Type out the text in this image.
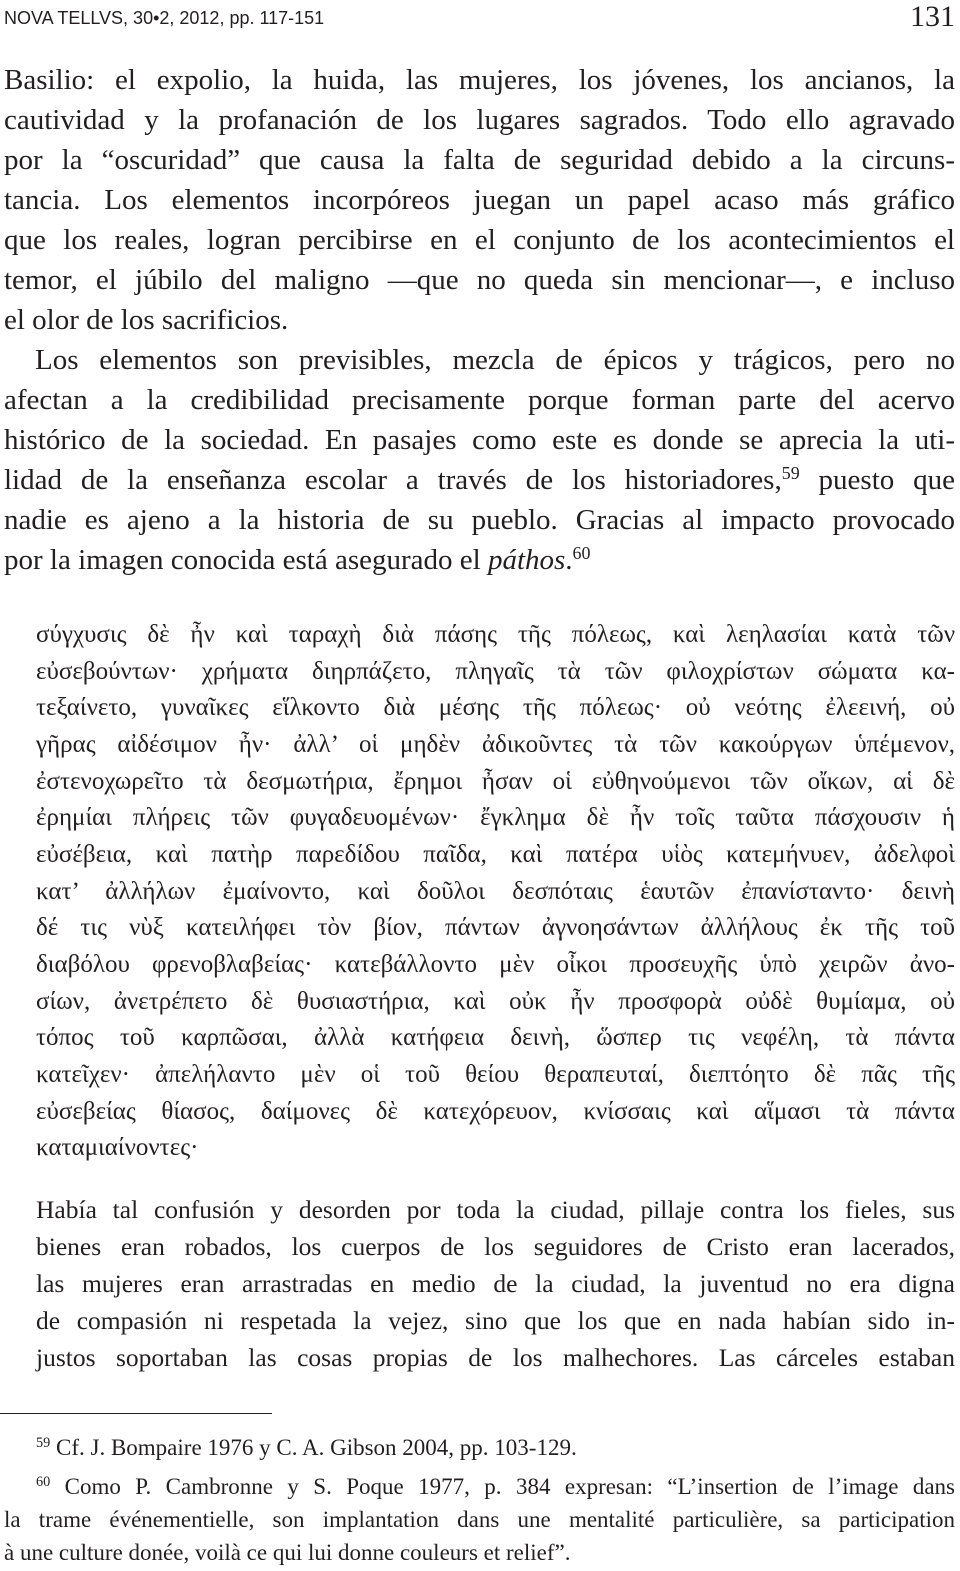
NOVA TELLVS, 30•2, 2012, pp. 117-151	131
Basilio: el expolio, la huida, las mujeres, los jóvenes, los ancianos, la
cautividad y la profanación de los lugares sagrados. Todo ello agravado
por la “oscuridad” que causa la falta de seguridad debido a la circuns-
tancia. Los elementos incorpóreos juegan un papel acaso más gráfico
que los reales, logran percibirse en el conjunto de los acontecimientos el
temor, el júbilo del maligno —que no queda sin mencionar—, e incluso
el olor de los sacrificios.
Los elementos son previsibles, mezcla de épicos y trágicos, pero no
afectan a la credibilidad precisamente porque forman parte del acervo
histórico de la sociedad. En pasajes como este es donde se aprecia la uti-
lidad de la enseñanza escolar a través de los historiadores,$^{59}$ puesto que
nadie es ajeno a la historia de su pueblo. Gracias al impacto provocado
por la imagen conocida está asegurado el páthos.$^{60}$
σύγχυσις δὲ ἦν καὶ ταραχὴ διὰ πάσης τῆς πόλεως, καὶ λεηλασίαι κατὰ τῶν
εὐσεβούντων· χρήματα διηρπάζετο, πληγαῖς τὰ τῶν φιλοχρίστων σώματα κα-
τεξαίνετο, γυναῖκες εἵλκοντο διὰ μέσης τῆς πόλεως· οὐ νεότης ἐλεεινή, οὐ
γῆρας αἰδέσιμον ἦν· ἀλλ’ οἱ μηδὲν ἀδικοῦντες τὰ τῶν κακούργων ὑπέμενον,
ἐστενοχωρεῖτο τὰ δεσμωτήρια, ἔρημοι ἦσαν οἱ εὐθηνούμενοι τῶν οἴκων, αἱ δὲ
ἐρημίαι πλήρεις τῶν φυγαδευομένων· ἔγκλημα δὲ ἦν τοῖς ταῦτα πάσχουσιν ἡ
εὐσέβεια, καὶ πατὴρ παρεδίδου παῖδα, καὶ πατέρα υἱὸς κατεμήνυεν, ἀδελφοὶ
κατ’ ἀλλήλων ἐμαίνοντο, καὶ δοῦλοι δεσπόταις ἑαυτῶν ἐπανίσταντο· δεινὴ
δέ τις νὺξ κατειλήφει τὸν βίον, πάντων ἀγνοησάντων ἀλλήλους ἐκ τῆς τοῦ
διαβόλου φρενοβλαβείας· κατεβάλλοντο μὲν οἶκοι προσευχῆς ὑπὸ χειρῶν ἀνο-
σίων, ἀνετρέπετο δὲ θυσιαστήρια, καὶ οὐκ ἦν προσφορὰ οὐδὲ θυμίαμα, οὐ
τόπος τοῦ καρπῶσαι, ἀλλὰ κατήφεια δεινὴ, ὥσπερ τις νεφέλη, τὰ πάντα
κατεῖχεν· ἀπελήλαντο μὲν οἱ τοῦ θείου θεραπευταί, διεπτόητο δὲ πᾶς τῆς
εὐσεβείας θίασος, δαίμονες δὲ κατεχόρευον, κνίσσαις καὶ αἵμασι τὰ πάντα
καταμιαίνοντες·
Había tal confusión y desorden por toda la ciudad, pillaje contra los fieles, sus
bienes eran robados, los cuerpos de los seguidores de Cristo eran lacerados,
las mujeres eran arrastradas en medio de la ciudad, la juventud no era digna
de compasión ni respetada la vejez, sino que los que en nada habían sido in-
justos soportaban las cosas propias de los malhechores. Las cárceles estaban
$^{59}$ Cf. J. Bompaire 1976 y C. A. Gibson 2004, pp. 103-129.
$^{60}$ Como P. Cambronne y S. Poque 1977, p. 384 expresan: “L’insertion de l’image dans
la trame événementielle, son implantation dans une mentalité particulière, sa participation
à une culture donée, voilà ce qui lui donne couleurs et relief”.
